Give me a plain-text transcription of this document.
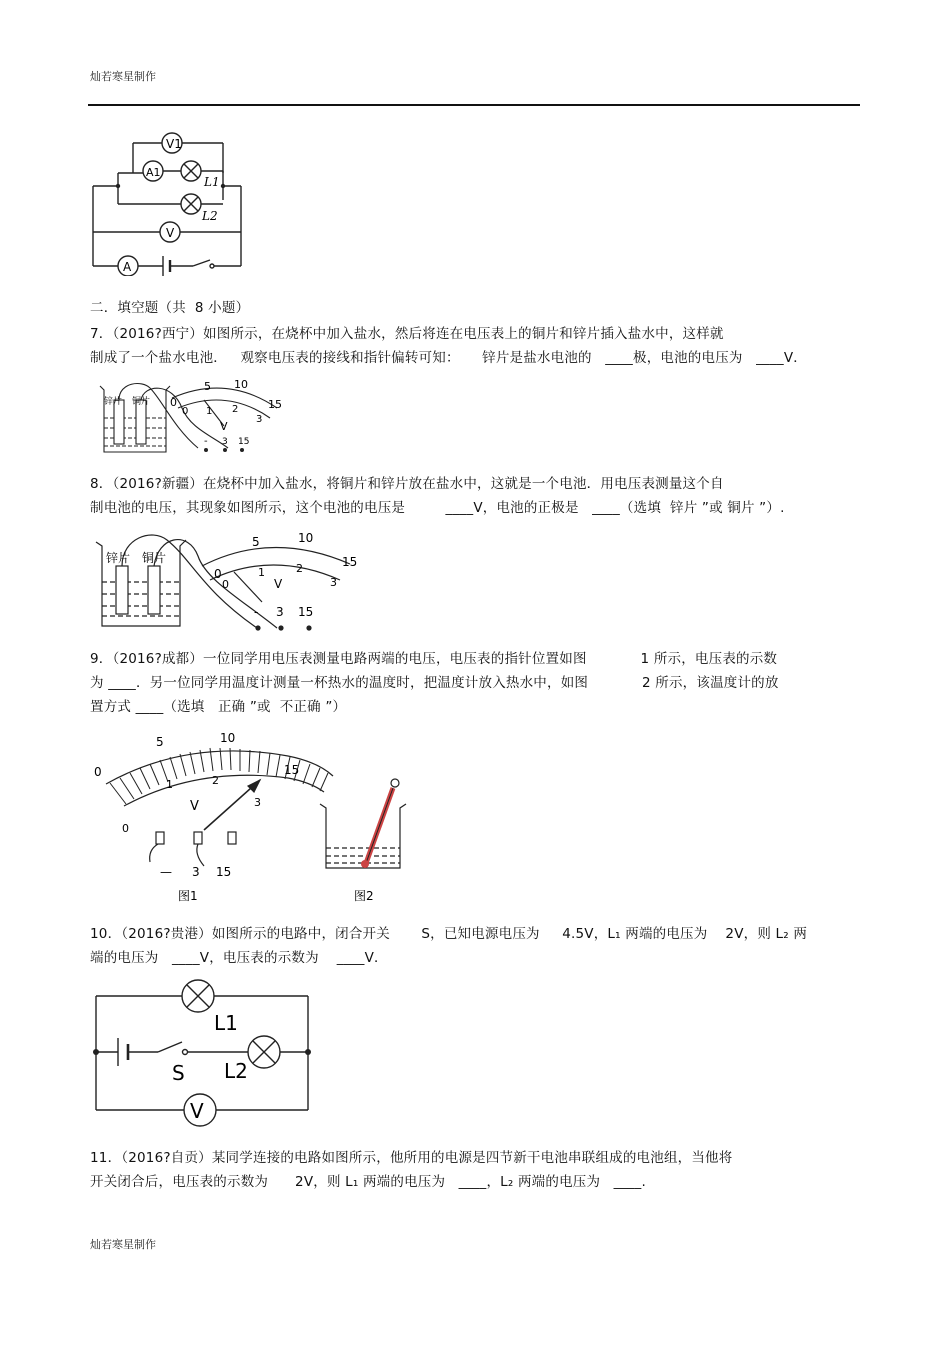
灿若寒星制作
V1
A1
L1
L2
V
A
二．填空题（共  8 小题）
7．（2016?西宁）如图所示，在烧杯中加入盐水，然后将连在电压表上的铜片和锌片插入盐水中，这样就
制成了一个盐水电池．   观察电压表的接线和指针偏转可知：     锌片是盐水电池的   ____极，电池的电压为   ____V．
锌片 铜片 0
5 10
15
0 1 2
3
V
- 3 15
8．（2016?新疆）在烧杯中加入盐水，将铜片和锌片放在盐水中，这就是一个电池．用电压表测量这个自
制电池的电压，其现象如图所示，这个电池的电压是         ____V，电池的正极是   ____（选填  锌片 ”或 铜片 ”）.
锌片 铜片
0
5	10
15
0
1	2
3
V
- 3 15
9．（2016?成都）一位同学用电压表测量电路两端的电压，电压表的指针位置如图            1 所示，电压表的示数
为 ____．另一位同学用温度计测量一杯热水的温度时，把温度计放入热水中，如图            2 所示，该温度计的放
置方式 ____（选填   正确 ”或  不正确 ”）
0
5	10
15
0
1	2
3
V
— 3 15
图1	图2
10．（2016?贵港）如图所示的电路中，闭合开关       S，已知电源电压为     4.5V，L₁ 两端的电压为    2V，则 L₂ 两
端的电压为   ____V，电压表的示数为    ____V．
L1
L2
S
V
11．（2016?自贡）某同学连接的电路如图所示，他所用的电源是四节新干电池串联组成的电池组，当他将
开关闭合后，电压表的示数为      2V，则 L₁ 两端的电压为   ____，L₂ 两端的电压为   ____.
灿若寒星制作
